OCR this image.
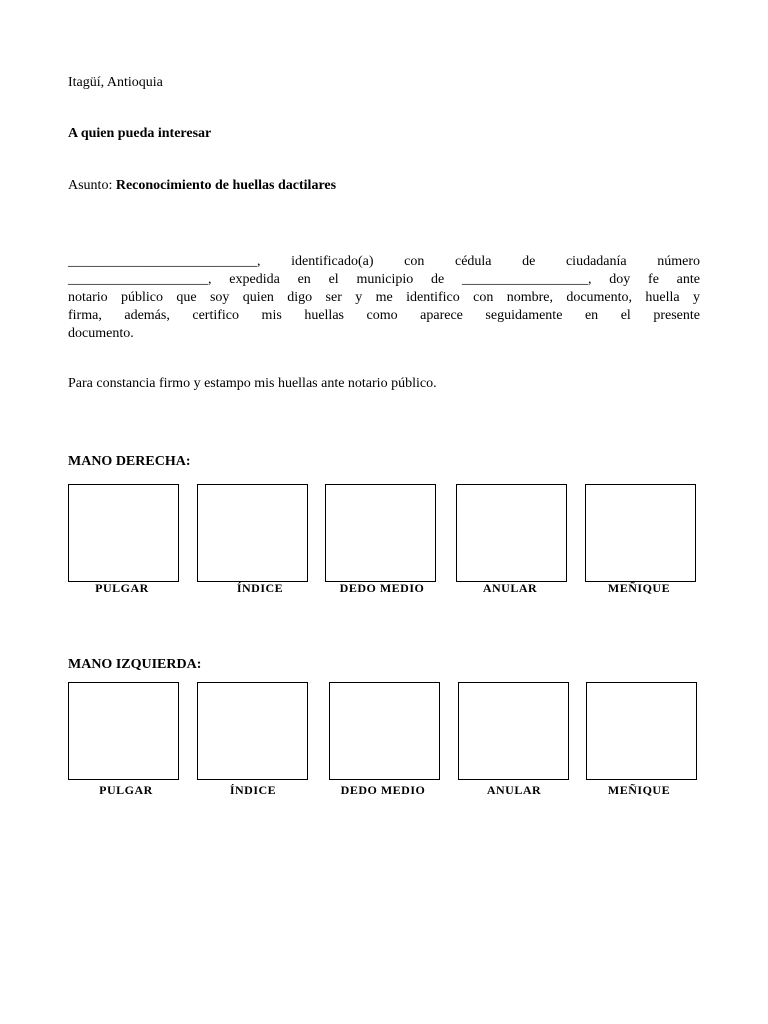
Itagüí, Antioquia
A quien pueda interesar
Asunto: Reconocimiento de huellas dactilares
___________________________, identificado(a) con cédula de ciudadanía número
____________________, expedida en el municipio de __________________, doy fe ante
notario público que soy quien digo ser y me identifico con nombre, documento, huella y
firma, además, certifico mis huellas como aparece seguidamente en el presente
documento.
Para constancia firmo y estampo mis huellas ante notario público.
MANO DERECHA:
PULGAR	ÍNDICE	DEDO MEDIO	ANULAR	MEÑIQUE
MANO IZQUIERDA:
PULGAR	ÍNDICE	DEDO MEDIO	ANULAR	MEÑIQUE
